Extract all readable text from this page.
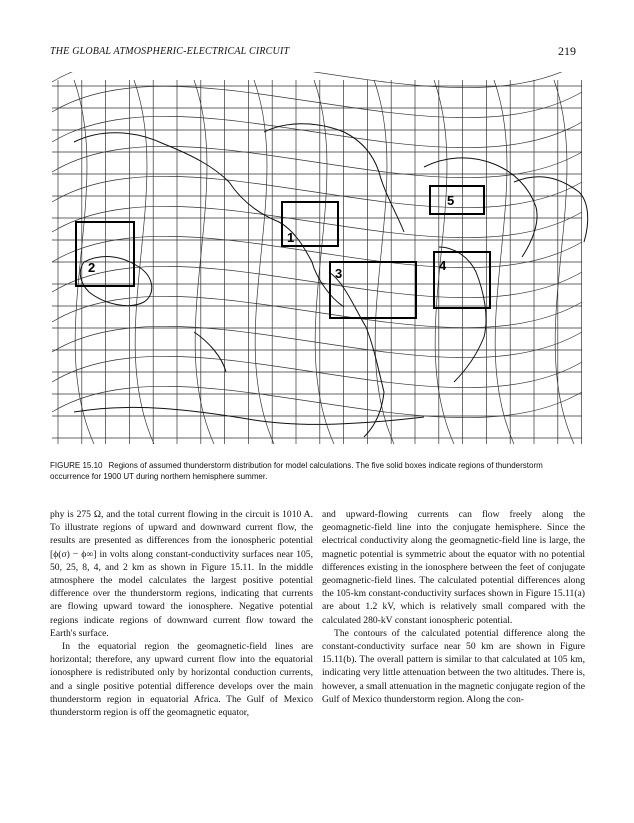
THE GLOBAL ATMOSPHERIC-ELECTRICAL CIRCUIT	219
2
1
3
5
4
FIGURE 15.10 Regions of assumed thunderstorm distribution for model calculations. The five solid boxes indicate regions of thunderstorm occurrence for 1900 UT during northern hemisphere summer.

phy is 275 Ω, and the total current flowing in the circuit is 1010 A. To illustrate regions of upward and downward current flow, the results are presented as differences from the ionospheric potential [ϕ(σ) − ϕ∞] in volts along constant-conductivity surfaces near 105, 50, 25, 8, 4, and 2 km as shown in Figure 15.11. In the middle atmosphere the model calculates the largest positive potential difference over the thunderstorm regions, indicating that currents are flowing upward toward the ionosphere. Negative potential regions indicate regions of downward current flow toward the Earth's surface.

In the equatorial region the geomagnetic-field lines are horizontal; therefore, any upward current flow into the equatorial ionosphere is redistributed only by horizontal conduction currents, and a single positive potential difference develops over the main thunderstorm region in equatorial Africa. The Gulf of Mexico thunderstorm region is off the geomagnetic equator,

and upward-flowing currents can flow freely along the geomagnetic-field line into the conjugate hemisphere. Since the electrical conductivity along the geomagnetic-field line is large, the magnetic potential is symmetric about the equator with no potential differences existing in the ionosphere between the feet of conjugate geomagnetic-field lines. The calculated potential differences along the 105-km constant-conductivity surfaces shown in Figure 15.11(a) are about 1.2 kV, which is relatively small compared with the calculated 280-kV constant ionospheric potential.

The contours of the calculated potential difference along the constant-conductivity surface near 50 km are shown in Figure 15.11(b). The overall pattern is similar to that calculated at 105 km, indicating very little attenuation between the two altitudes. There is, however, a small attenuation in the magnetic conjugate region of the Gulf of Mexico thunderstorm region. Along the con-
